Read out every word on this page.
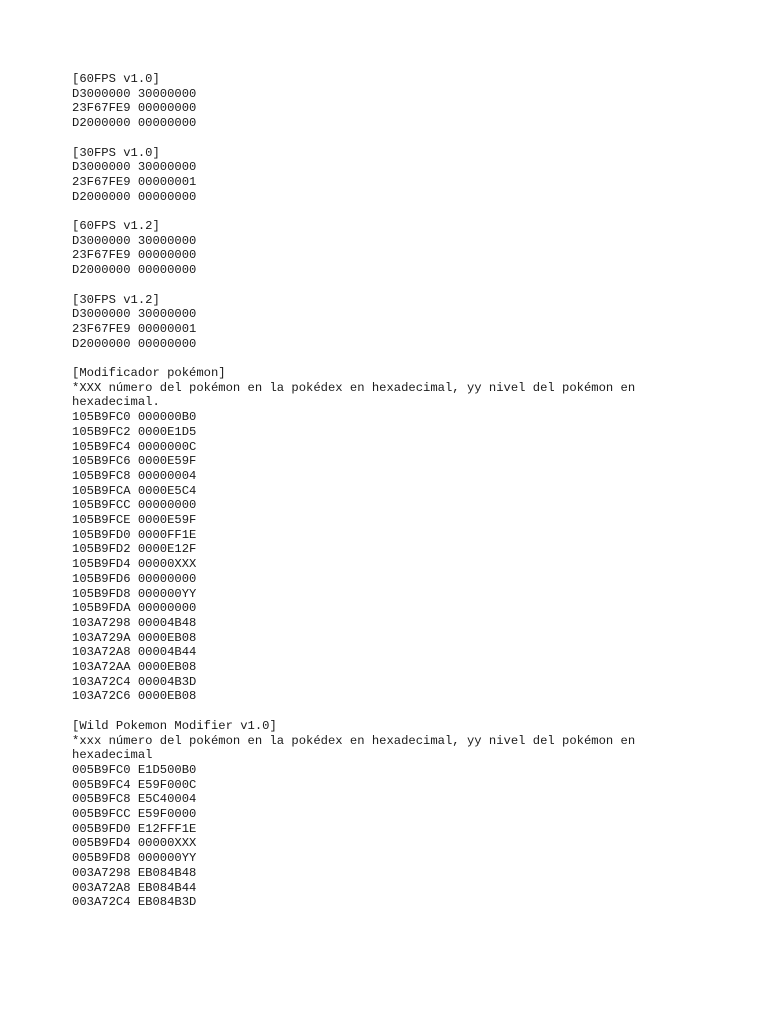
[60FPS v1.0]
D3000000 30000000
23F67FE9 00000000
D2000000 00000000
[30FPS v1.0]
D3000000 30000000
23F67FE9 00000001
D2000000 00000000
[60FPS v1.2]
D3000000 30000000
23F67FE9 00000000
D2000000 00000000
[30FPS v1.2]
D3000000 30000000
23F67FE9 00000001
D2000000 00000000
[Modificador pokémon]
*XXX número del pokémon en la pokédex en hexadecimal, yy nivel del pokémon en hexadecimal.
105B9FC0 000000B0
105B9FC2 0000E1D5
105B9FC4 0000000C
105B9FC6 0000E59F
105B9FC8 00000004
105B9FCA 0000E5C4
105B9FCC 00000000
105B9FCE 0000E59F
105B9FD0 0000FF1E
105B9FD2 0000E12F
105B9FD4 00000XXX
105B9FD6 00000000
105B9FD8 000000YY
105B9FDA 00000000
103A7298 00004B48
103A729A 0000EB08
103A72A8 00004B44
103A72AA 0000EB08
103A72C4 00004B3D
103A72C6 0000EB08
[Wild Pokemon Modifier v1.0]
*xxx número del pokémon en la pokédex en hexadecimal, yy nivel del pokémon en hexadecimal
005B9FC0 E1D500B0
005B9FC4 E59F000C
005B9FC8 E5C40004
005B9FCC E59F0000
005B9FD0 E12FFF1E
005B9FD4 00000XXX
005B9FD8 000000YY
003A7298 EB084B48
003A72A8 EB084B44
003A72C4 EB084B3D
